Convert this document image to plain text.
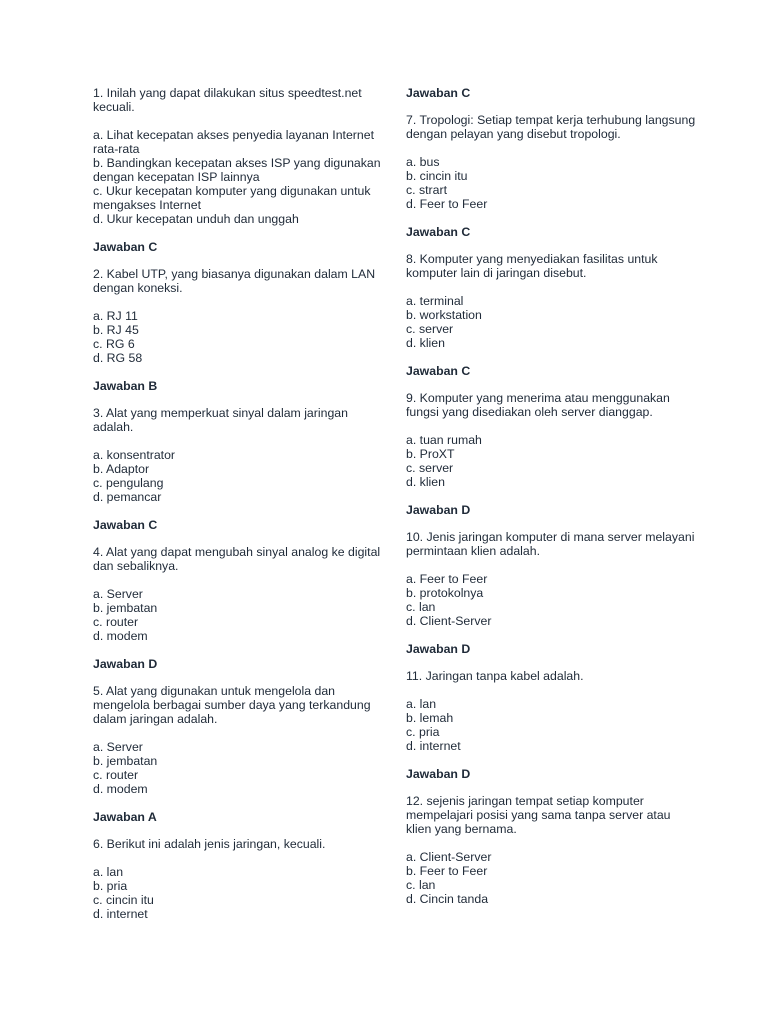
1. Inilah yang dapat dilakukan situs speedtest.net kecuali.

a. Lihat kecepatan akses penyedia layanan Internet rata-rata

b. Bandingkan kecepatan akses ISP yang digunakan dengan kecepatan ISP lainnya

c. Ukur kecepatan komputer yang digunakan untuk mengakses Internet

d. Ukur kecepatan unduh dan unggah

Jawaban C

2. Kabel UTP, yang biasanya digunakan dalam LAN dengan koneksi.

a. RJ 11

b. RJ 45

c. RG 6

d. RG 58

Jawaban B

3. Alat yang memperkuat sinyal dalam jaringan adalah.

a. konsentrator

b. Adaptor

c. pengulang

d. pemancar

Jawaban C

4. Alat yang dapat mengubah sinyal analog ke digital dan sebaliknya.

a. Server

b. jembatan

c. router

d. modem

Jawaban D

5. Alat yang digunakan untuk mengelola dan mengelola berbagai sumber daya yang terkandung dalam jaringan adalah.

a. Server

b. jembatan

c. router

d. modem

Jawaban A

6. Berikut ini adalah jenis jaringan, kecuali.

a. lan

b. pria

c. cincin itu

d. internet

Jawaban C

7. Tropologi: Setiap tempat kerja terhubung langsung dengan pelayan yang disebut tropologi.

a. bus

b. cincin itu

c. strart

d. Feer to Feer

Jawaban C

8. Komputer yang menyediakan fasilitas untuk komputer lain di jaringan disebut.

a. terminal

b. workstation

c. server

d. klien

Jawaban C

9. Komputer yang menerima atau menggunakan fungsi yang disediakan oleh server dianggap.

a. tuan rumah

b. ProXT

c. server

d. klien

Jawaban D

10. Jenis jaringan komputer di mana server melayani permintaan klien adalah.

a. Feer to Feer

b. protokolnya

c. lan

d. Client-Server

Jawaban D

11. Jaringan tanpa kabel adalah.

a. lan

b. lemah

c. pria

d. internet

Jawaban D

12. sejenis jaringan tempat setiap komputer mempelajari posisi yang sama tanpa server atau klien yang bernama.

a. Client-Server

b. Feer to Feer

c. lan

d. Cincin tanda
